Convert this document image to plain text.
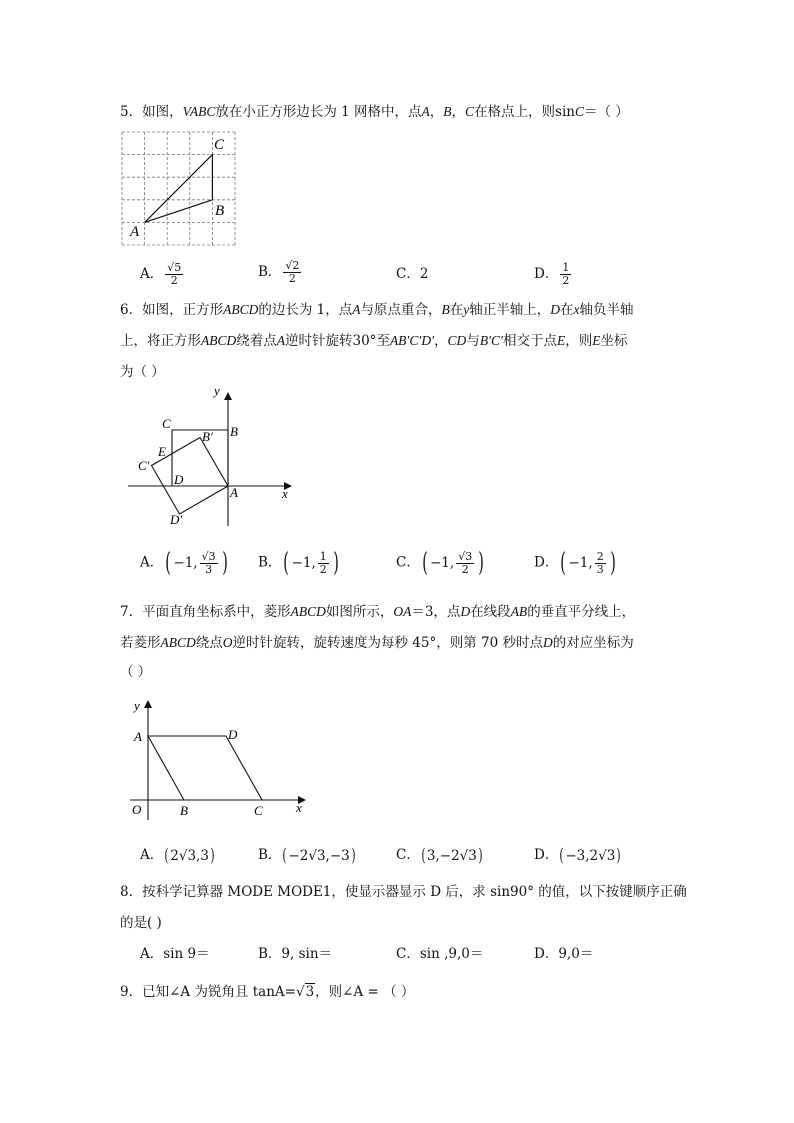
5．如图，VABC放在小正方形边长为 1 网格中，点A，B，C在格点上，则sinC＝（ ）
A
B
C
A． $\frac{√5}{2}$	B． $\frac{√2}{2}$	C．2	D． $\frac{1}{2}$
6．如图，正方形ABCD的边长为 1，点A与原点重合，B在y轴正半轴上，D在x轴负半轴
上，将正方形ABCD绕着点A逆时针旋转30°至AB′C′D′，CD与B′C′相交于点E，则E坐标
为（ ）
y
x
C
B′ B
E
C′
D
A
D′
A． ( −1, $\frac{√3}{3}$ ) B． ( −1, $\frac{1}{2}$ )	C． ( −1, $\frac{√3}{2}$ )	D． ( −1, $\frac{2}{3}$ )
7．平面直角坐标系中，菱形ABCD如图所示，OA＝3，点D在线段AB的垂直平分线上，
若菱形ABCD绕点O逆时针旋转，旋转速度为每秒 45°，则第 70 秒时点D的对应坐标为
（ ）
y
A	D
O	B	C	x
A． ( 2√3,3 )	B． ( −2√3,−3 )	C． ( 3,−2√3 )	D． ( −3,2√3 )
8．按科学记算器 MODE MODE1，使显示器显示 D 后，求 sin90° 的值，以下按键顺序正确
的是( )
A．sin 9＝	B．9, sin＝	C．sin ,9,0＝	D．9,0＝
9．已知∠A 为锐角且 tanA=√3，则∠A = （ ）
